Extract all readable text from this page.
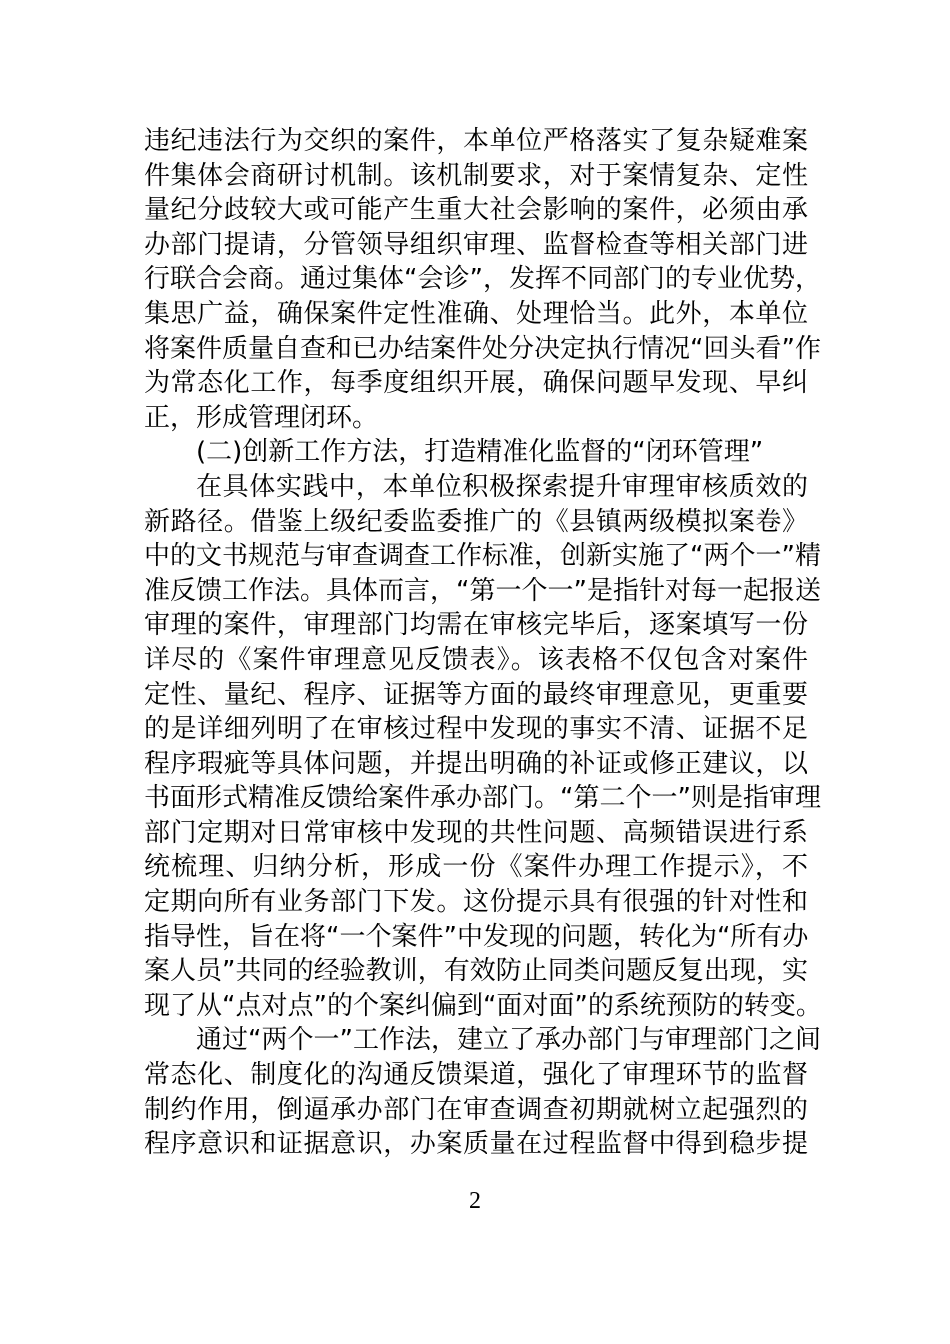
违纪违法行为交织的案件，本单位严格落实了复杂疑难案
件集体会商研讨机制。该机制要求，对于案情复杂、定性
量纪分歧较大或可能产生重大社会影响的案件，必须由承
办部门提请，分管领导组织审理、监督检查等相关部门进
行联合会商。通过集体“会诊”，发挥不同部门的专业优势，
集思广益，确保案件定性准确、处理恰当。此外，本单位
将案件质量自查和已办结案件处分决定执行情况“回头看”作
为常态化工作，每季度组织开展，确保问题早发现、早纠
正，形成管理闭环。
(二)创新工作方法，打造精准化监督的“闭环管理”
在具体实践中，本单位积极探索提升审理审核质效的
新路径。借鉴上级纪委监委推广的《县镇两级模拟案卷》
中的文书规范与审查调查工作标准，创新实施了“两个一”精
准反馈工作法。具体而言，“第一个一”是指针对每一起报送
审理的案件，审理部门均需在审核完毕后，逐案填写一份
详尽的《案件审理意见反馈表》。该表格不仅包含对案件
定性、量纪、程序、证据等方面的最终审理意见，更重要
的是详细列明了在审核过程中发现的事实不清、证据不足
程序瑕疵等具体问题，并提出明确的补证或修正建议，以
书面形式精准反馈给案件承办部门。“第二个一”则是指审理
部门定期对日常审核中发现的共性问题、高频错误进行系
统梳理、归纳分析，形成一份《案件办理工作提示》，不
定期向所有业务部门下发。这份提示具有很强的针对性和
指导性，旨在将“一个案件”中发现的问题，转化为“所有办
案人员”共同的经验教训，有效防止同类问题反复出现，实
现了从“点对点”的个案纠偏到“面对面”的系统预防的转变。
通过“两个一”工作法，建立了承办部门与审理部门之间
常态化、制度化的沟通反馈渠道，强化了审理环节的监督
制约作用，倒逼承办部门在审查调查初期就树立起强烈的
程序意识和证据意识，办案质量在过程监督中得到稳步提
2
